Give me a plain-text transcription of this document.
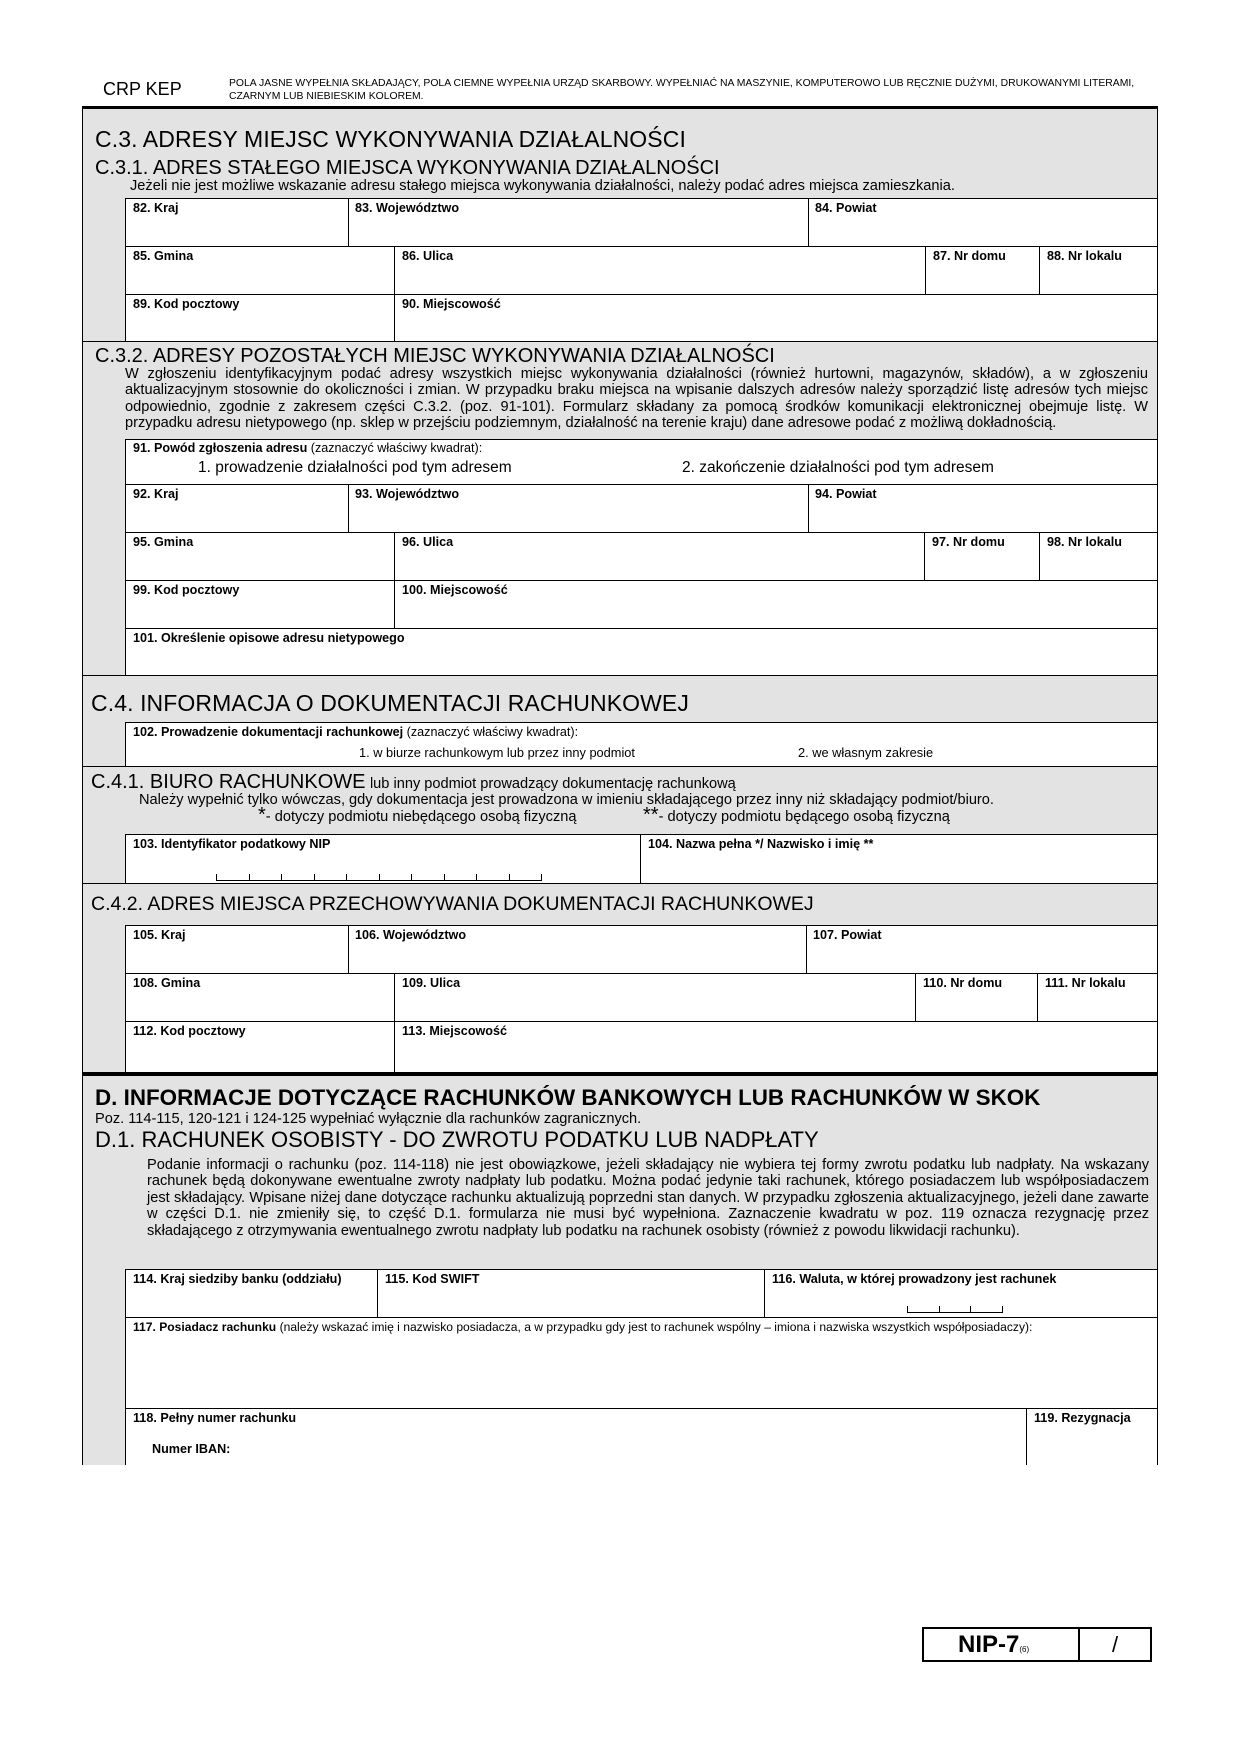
CRP KEP	POLA JASNE WYPEŁNIA SKŁADAJĄCY, POLA CIEMNE WYPEŁNIA URZĄD SKARBOWY. WYPEŁNIAĆ NA MASZYNIE, KOMPUTEROWO LUB RĘCZNIE DUŻYMI, DRUKOWANYMI LITERAMI, CZARNYM LUB NIEBIESKIM KOLOREM.
C.3. ADRESY MIEJSC WYKONYWANIA DZIAŁALNOŚCI
C.3.1. ADRES STAŁEGO MIEJSCA WYKONYWANIA DZIAŁALNOŚCI
Jeżeli nie jest możliwe wskazanie adresu stałego miejsca wykonywania działalności, należy podać adres miejsca zamieszkania.
82. Kraj	83. Województwo	84. Powiat
85. Gmina	86. Ulica	87. Nr domu	88. Nr lokalu
89. Kod pocztowy	90. Miejscowość
C.3.2. ADRESY POZOSTAŁYCH MIEJSC WYKONYWANIA DZIAŁALNOŚCI
W zgłoszeniu identyfikacyjnym podać adresy wszystkich miejsc wykonywania działalności (również hurtowni, magazynów, składów), a w zgłoszeniu aktualizacyjnym stosownie do okoliczności i zmian. W przypadku braku miejsca na wpisanie dalszych adresów należy sporządzić listę adresów tych miejsc odpowiednio, zgodnie z zakresem części C.3.2. (poz. 91-101). Formularz składany za pomocą środków komunikacji elektronicznej obejmuje listę. W przypadku adresu nietypowego (np. sklep w przejściu podziemnym, działalność na terenie kraju) dane adresowe podać z możliwą dokładnością.
91. Powód zgłoszenia adresu (zaznaczyć właściwy kwadrat):
1. prowadzenie działalności pod tym adresem	2. zakończenie działalności pod tym adresem
92. Kraj	93. Województwo	94. Powiat
95. Gmina	96. Ulica	97. Nr domu	98. Nr lokalu
99. Kod pocztowy	100. Miejscowość
101. Określenie opisowe adresu nietypowego
C.4. INFORMACJA O DOKUMENTACJI RACHUNKOWEJ
102. Prowadzenie dokumentacji rachunkowej (zaznaczyć właściwy kwadrat):
1. w biurze rachunkowym lub przez inny podmiot	2. we własnym zakresie
C.4.1. BIURO RACHUNKOWE lub inny podmiot prowadzący dokumentację rachunkową
Należy wypełnić tylko wówczas, gdy dokumentacja jest prowadzona w imieniu składającego przez inny niż składający podmiot/biuro.
*- dotyczy podmiotu niebędącego osobą fizyczną	**- dotyczy podmiotu będącego osobą fizyczną
103. Identyfikator podatkowy NIP	104. Nazwa pełna */ Nazwisko i imię **
C.4.2. ADRES MIEJSCA PRZECHOWYWANIA DOKUMENTACJI RACHUNKOWEJ
105. Kraj	106. Województwo	107. Powiat
108. Gmina	109. Ulica	110. Nr domu	111. Nr lokalu
112. Kod pocztowy	113. Miejscowość
D. INFORMACJE DOTYCZĄCE RACHUNKÓW BANKOWYCH LUB RACHUNKÓW W SKOK
Poz. 114-115, 120-121 i 124-125 wypełniać wyłącznie dla rachunków zagranicznych.
D.1. RACHUNEK OSOBISTY - DO ZWROTU PODATKU LUB NADPŁATY
Podanie informacji o rachunku (poz. 114-118) nie jest obowiązkowe, jeżeli składający nie wybiera tej formy zwrotu podatku lub nadpłaty. Na wskazany rachunek będą dokonywane ewentualne zwroty nadpłaty lub podatku. Można podać jedynie taki rachunek, którego posiadaczem lub współposiadaczem jest składający. Wpisane niżej dane dotyczące rachunku aktualizują poprzedni stan danych. W przypadku zgłoszenia aktualizacyjnego, jeżeli dane zawarte w części D.1. nie zmieniły się, to część D.1. formularza nie musi być wypełniona. Zaznaczenie kwadratu w poz. 119 oznacza rezygnację przez składającego z otrzymywania ewentualnego zwrotu nadpłaty lub podatku na rachunek osobisty (również z powodu likwidacji rachunku).
114. Kraj siedziby banku (oddziału)	115. Kod SWIFT	116. Waluta, w której prowadzony jest rachunek
117. Posiadacz rachunku (należy wskazać imię i nazwisko posiadacza, a w przypadku gdy jest to rachunek wspólny – imiona i nazwiska wszystkich współposiadaczy):
118. Pełny numer rachunku
Numer IBAN:
119. Rezygnacja
NIP-7(6)	/
